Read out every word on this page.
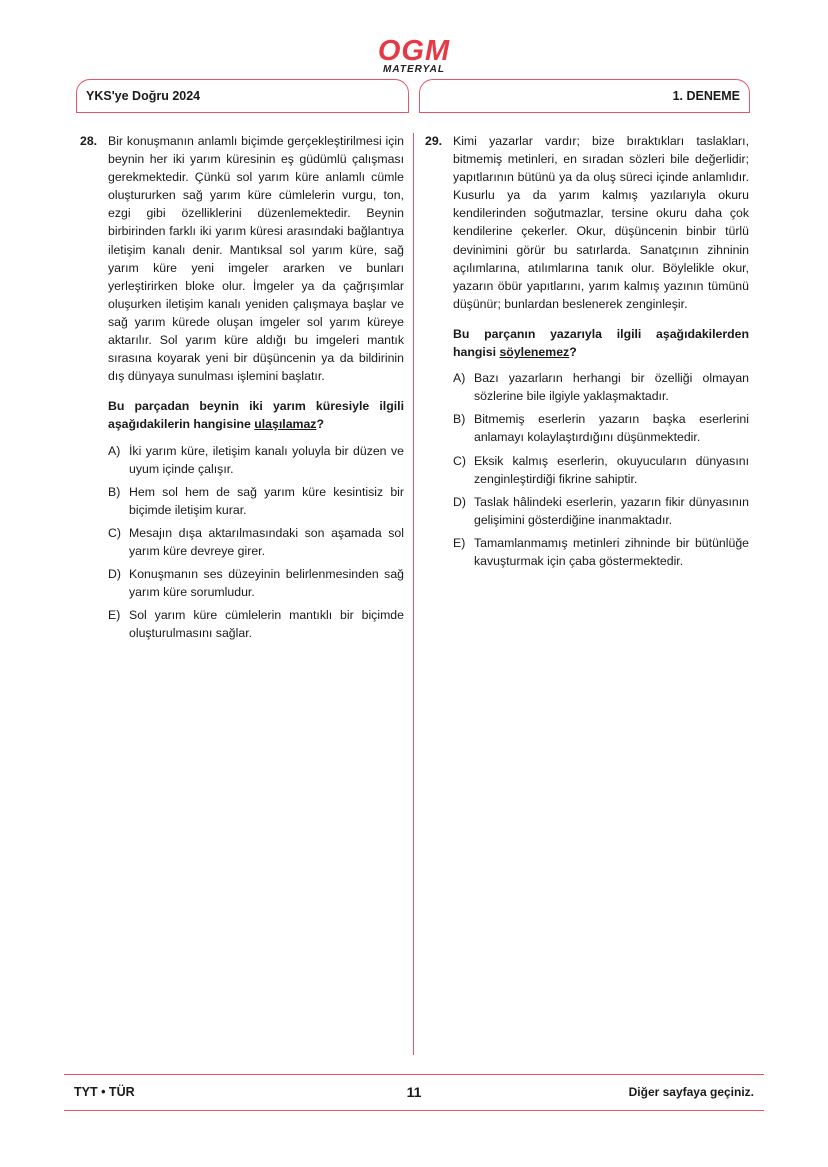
OGM
MATERYAL
YKS'ye Doğru 2024	1. DENEME
28. Bir konuşmanın anlamlı biçimde gerçekleştirilmesi için beynin her iki yarım küresinin eş güdümlü çalışması gerekmektedir. Çünkü sol yarım küre anlamlı cümle oluştururken sağ yarım küre cümlelerin vurgu, ton, ezgi gibi özelliklerini düzenlemektedir. Beynin birbirinden farklı iki yarım küresi arasındaki bağlantıya iletişim kanalı denir. Mantıksal sol yarım küre, sağ yarım küre yeni imgeler ararken ve bunları yerleştirirken bloke olur. İmgeler ya da çağrışımlar oluşurken iletişim kanalı yeniden çalışmaya başlar ve sağ yarım kürede oluşan imgeler sol yarım küreye aktarılır. Sol yarım küre aldığı bu imgeleri mantık sırasına koyarak yeni bir düşüncenin ya da bildirinin dış dünyaya sunulması işlemini başlatır.

Bu parçadan beynin iki yarım küresiyle ilgili aşağıdakilerin hangisine ulaşılamaz?

A) İki yarım küre, iletişim kanalı yoluyla bir düzen ve uyum içinde çalışır.
B) Hem sol hem de sağ yarım küre kesintisiz bir biçimde iletişim kurar.
C) Mesajın dışa aktarılmasındaki son aşamada sol yarım küre devreye girer.
D) Konuşmanın ses düzeyinin belirlenmesinden sağ yarım küre sorumludur.
E) Sol yarım küre cümlelerin mantıklı bir biçimde oluşturulmasını sağlar.
29. Kimi yazarlar vardır; bize bıraktıkları taslakları, bitmemiş metinleri, en sıradan sözleri bile değerlidir; yapıtlarının bütünü ya da oluş süreci içinde anlamlıdır. Kusurlu ya da yarım kalmış yazılarıyla okuru kendilerinden soğutmazlar, tersine okuru daha çok kendilerine çekerler. Okur, düşüncenin binbir türlü devinimini görür bu satırlarda. Sanatçının zihninin açılımlarına, atılımlarına tanık olur. Böylelikle okur, yazarın öbür yapıtlarını, yarım kalmış yazının tümünü düşünür; bunlardan beslenerek zenginleşir.

Bu parçanın yazarıyla ilgili aşağıdakilerden hangisi söylenemez?

A) Bazı yazarların herhangi bir özelliği olmayan sözlerine bile ilgiyle yaklaşmaktadır.
B) Bitmemiş eserlerin yazarın başka eserlerini anlamayı kolaylaştırdığını düşünmektedir.
C) Eksik kalmış eserlerin, okuyucuların dünyasını zenginleştirdiği fikrine sahiptir.
D) Taslak hâlindeki eserlerin, yazarın fikir dünyasının gelişimini gösterdiğine inanmaktadır.
E) Tamamlanmamış metinleri zihninde bir bütünlüğe kavuşturmak için çaba göstermektedir.
TYT • TÜR	11	Diğer sayfaya geçiniz.
